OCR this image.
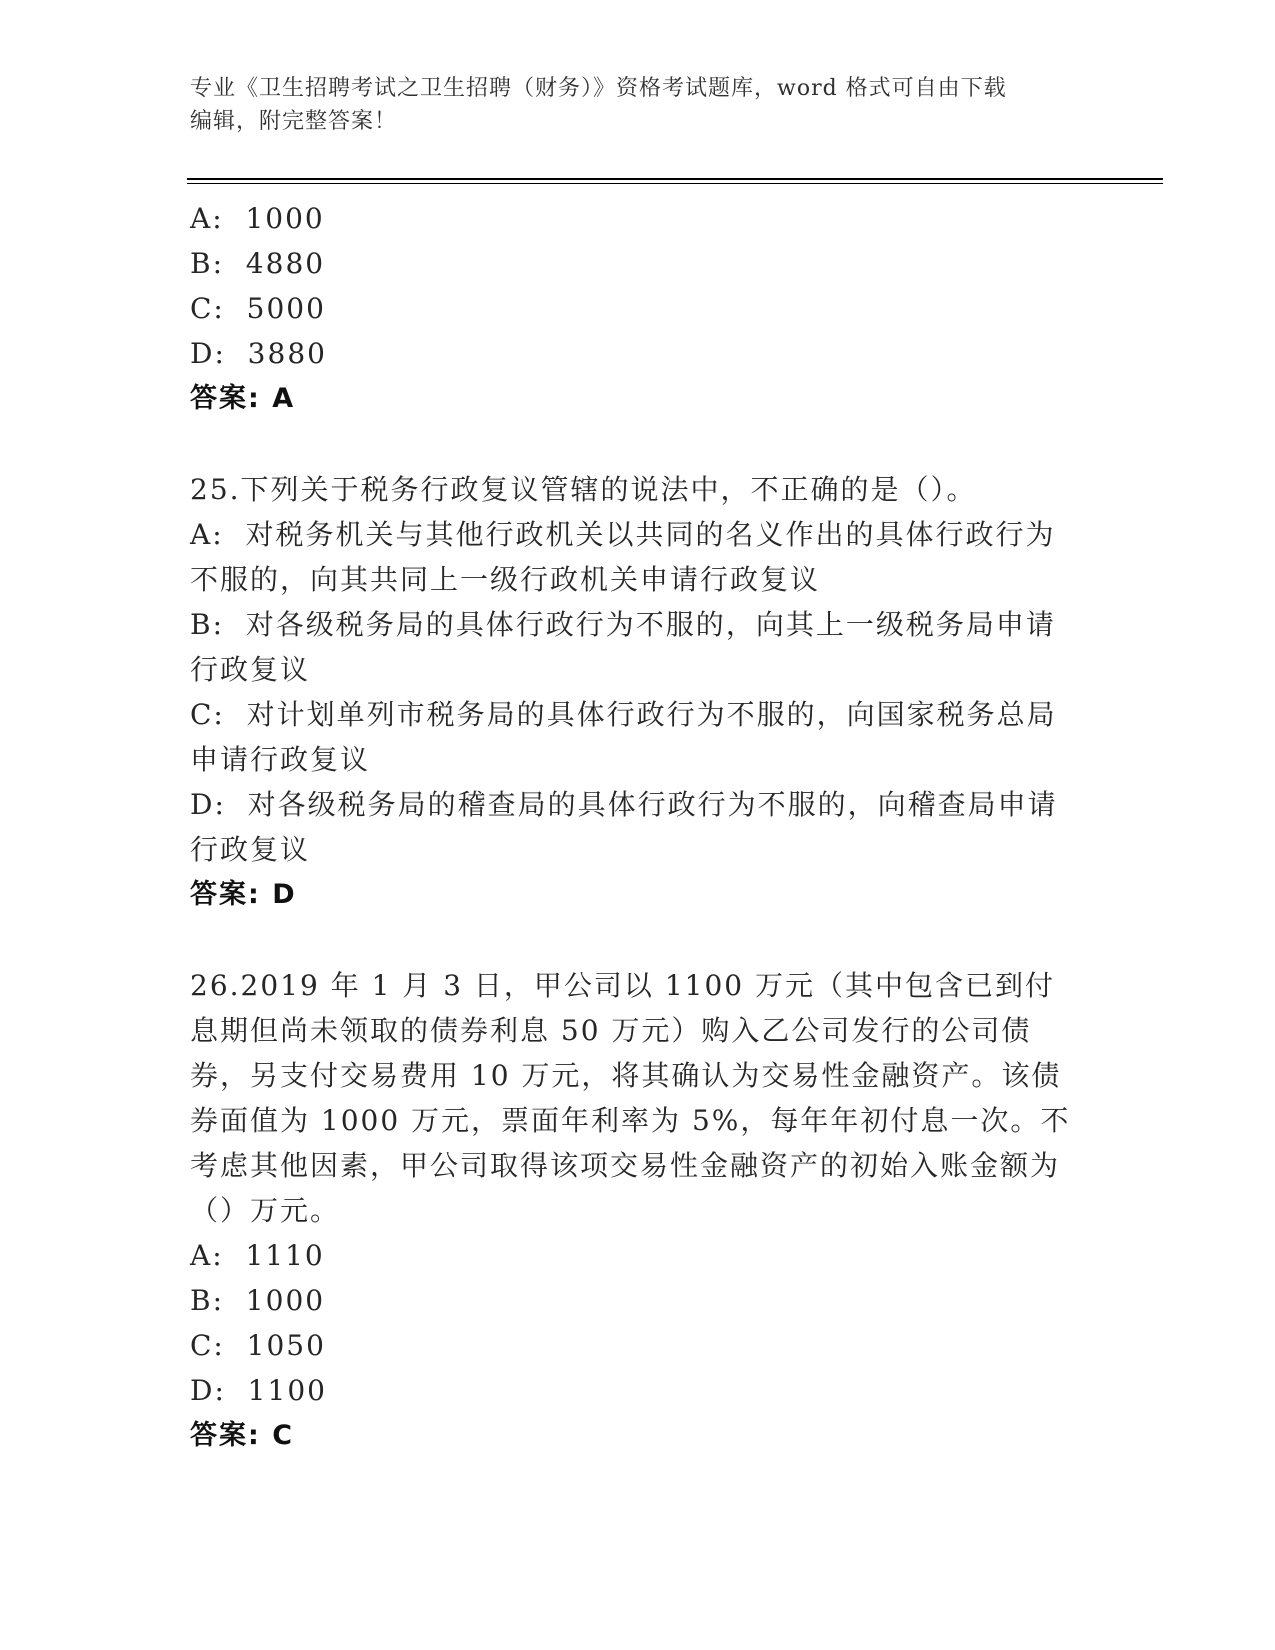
专业《卫生招聘考试之卫生招聘（财务）》资格考试题库，word 格式可自由下载

编辑，附完整答案！

A:  1000

B:  4880

C:  5000

D:  3880

答案: A

25.下列关于税务行政复议管辖的说法中，不正确的是（）。

A:  对税务机关与其他行政机关以共同的名义作出的具体行政行为不服的，向其共同上一级行政机关申请行政复议

B:  对各级税务局的具体行政行为不服的，向其上一级税务局申请行政复议

C:  对计划单列市税务局的具体行政行为不服的，向国家税务总局申请行政复议

D:  对各级税务局的稽查局的具体行政行为不服的，向稽查局申请行政复议

答案: D

26.2019 年 1 月 3 日，甲公司以 1100 万元（其中包含已到付息期但尚未领取的债券利息 50 万元）购入乙公司发行的公司债券，另支付交易费用 10 万元，将其确认为交易性金融资产。该债券面值为 1000 万元，票面年利率为 5%，每年年初付息一次。不考虑其他因素，甲公司取得该项交易性金融资产的初始入账金额为（）万元。

A:  1110

B:  1000

C:  1050

D:  1100

答案: C
